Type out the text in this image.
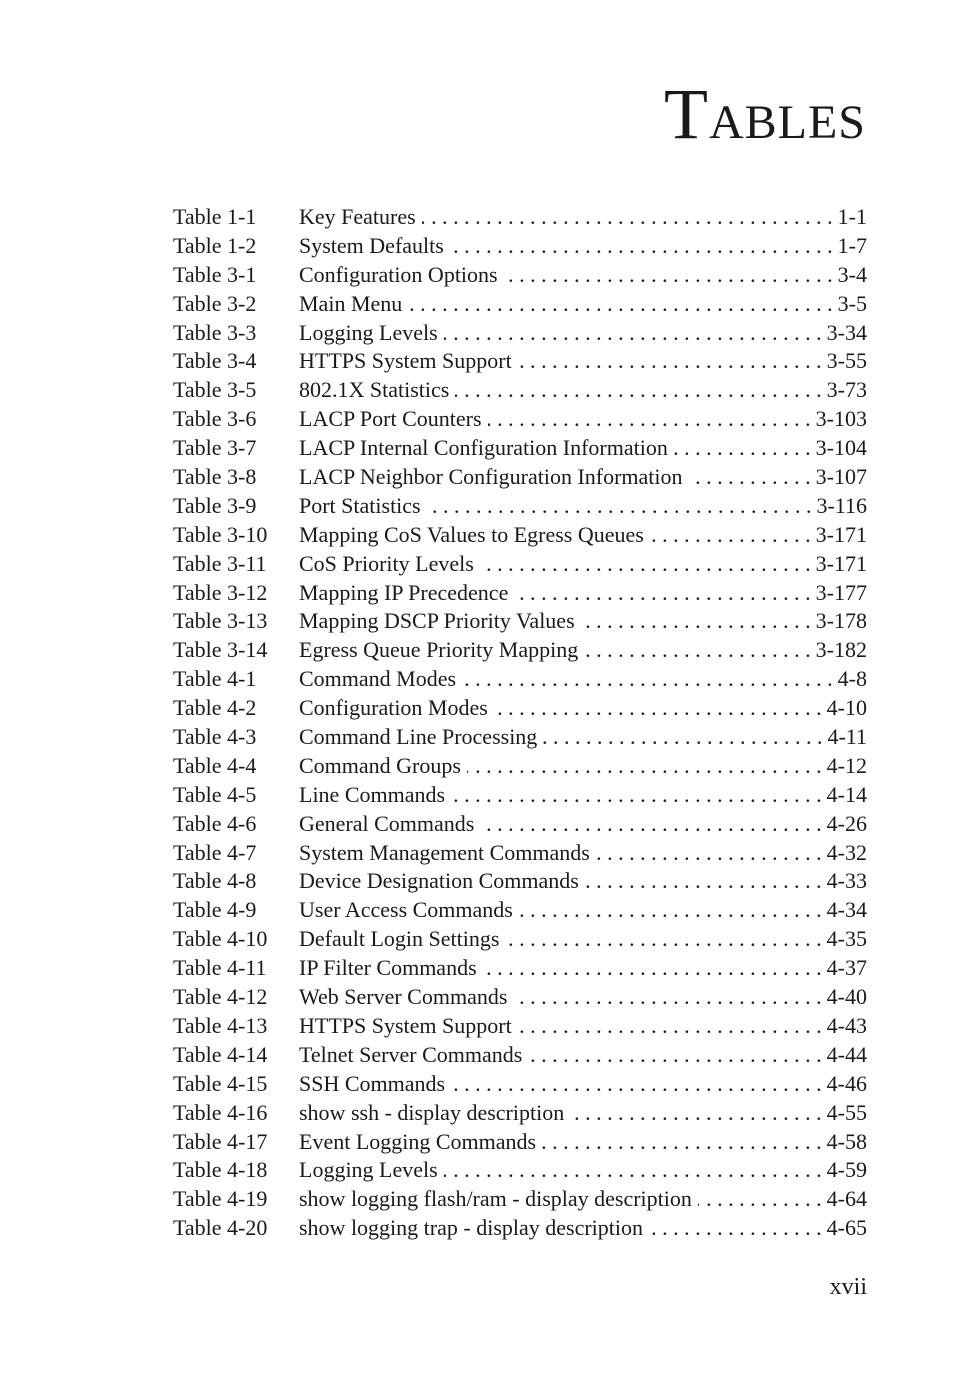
TABLES
Table 1-1	Key Features . . .	1-1
Table 1-2	System Defaults . . .	1-7
Table 3-1	Configuration Options . . .	3-4
Table 3-2	Main Menu . . .	3-5
Table 3-3	Logging Levels . . .	3-34
Table 3-4	HTTPS System Support . . .	3-55
Table 3-5	802.1X Statistics . . .	3-73
Table 3-6	LACP Port Counters . . .	3-103
Table 3-7	LACP Internal Configuration Information . . .	3-104
Table 3-8	LACP Neighbor Configuration Information . . .	3-107
Table 3-9	Port Statistics . . .	3-116
Table 3-10	Mapping CoS Values to Egress Queues . . .	3-171
Table 3-11	CoS Priority Levels . . .	3-171
Table 3-12	Mapping IP Precedence . . .	3-177
Table 3-13	Mapping DSCP Priority Values . . .	3-178
Table 3-14	Egress Queue Priority Mapping . . .	3-182
Table 4-1	Command Modes . . .	4-8
Table 4-2	Configuration Modes . . .	4-10
Table 4-3	Command Line Processing . . .	4-11
Table 4-4	Command Groups . . .	4-12
Table 4-5	Line Commands . . .	4-14
Table 4-6	General Commands . . .	4-26
Table 4-7	System Management Commands . . .	4-32
Table 4-8	Device Designation Commands . . .	4-33
Table 4-9	User Access Commands . . .	4-34
Table 4-10	Default Login Settings . . .	4-35
Table 4-11	IP Filter Commands . . .	4-37
Table 4-12	Web Server Commands . . .	4-40
Table 4-13	HTTPS System Support . . .	4-43
Table 4-14	Telnet Server Commands . . .	4-44
Table 4-15	SSH Commands . . .	4-46
Table 4-16	show ssh - display description . . .	4-55
Table 4-17	Event Logging Commands . . .	4-58
Table 4-18	Logging Levels . . .	4-59
Table 4-19	show logging flash/ram - display description . . .	4-64
Table 4-20	show logging trap - display description . . .	4-65
xvii
